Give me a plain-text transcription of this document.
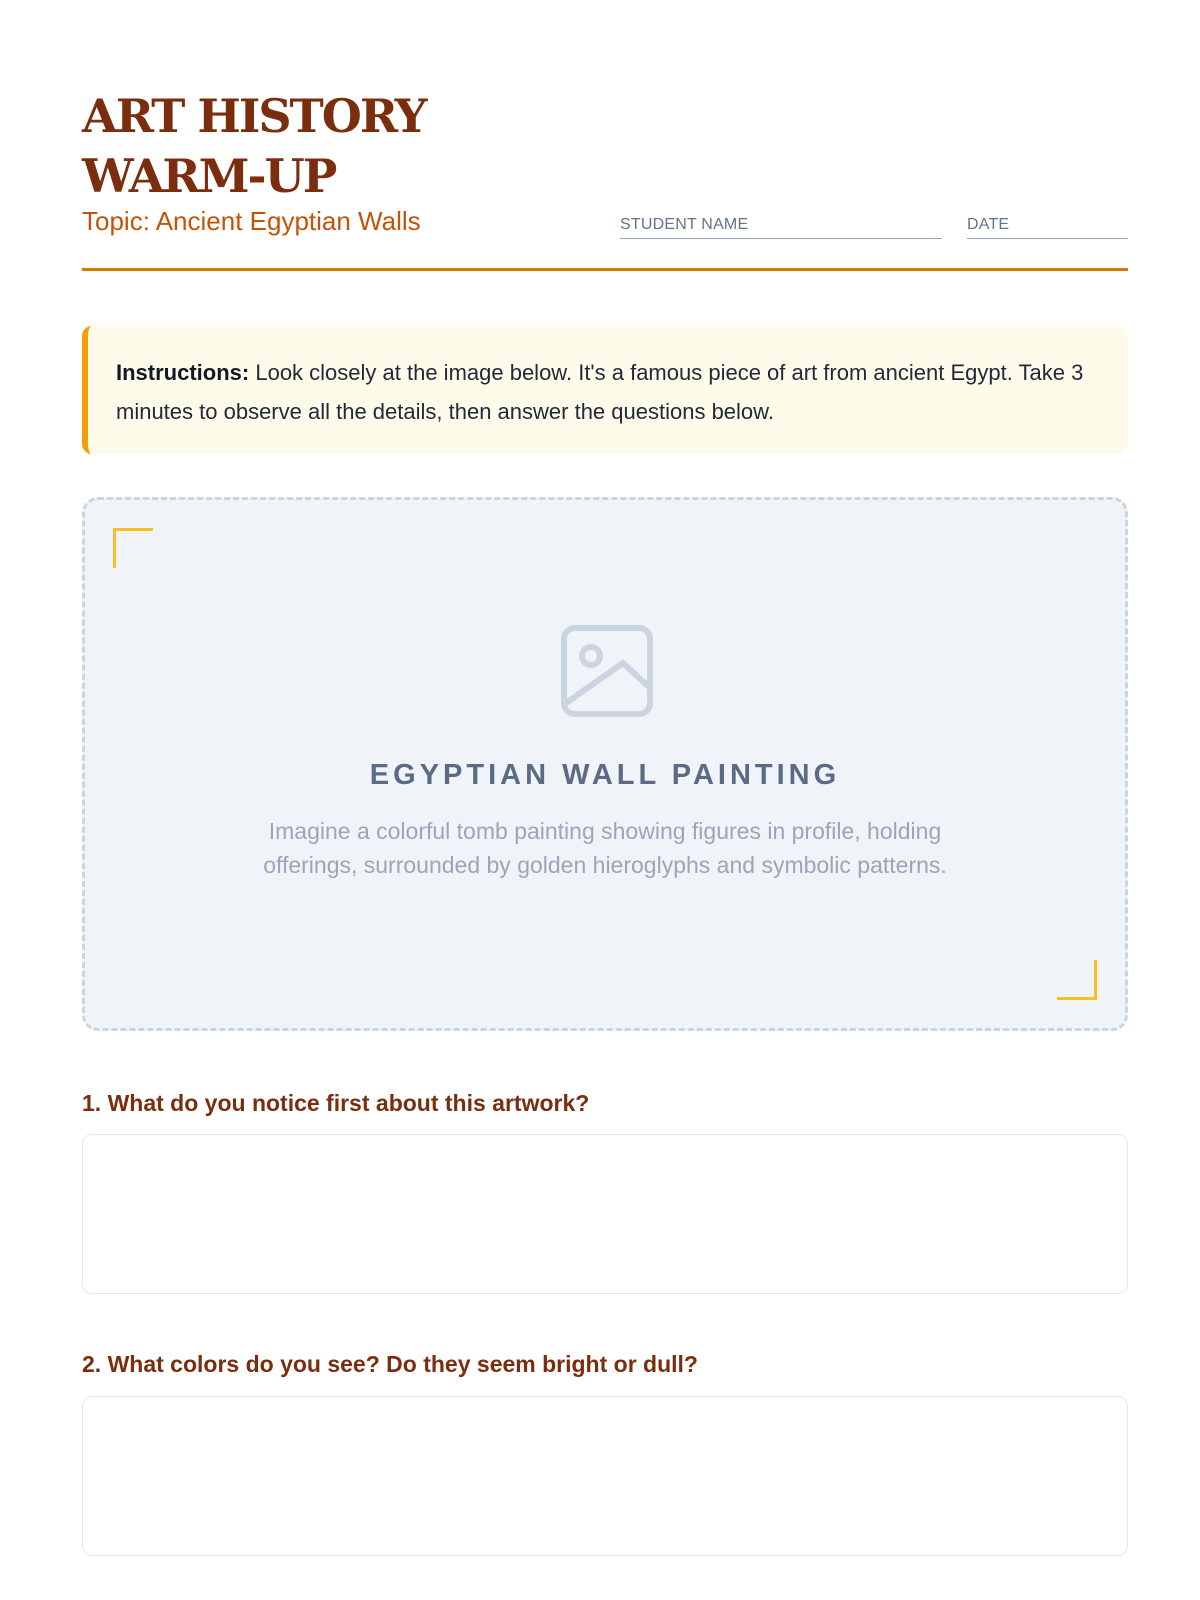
ART HISTORY WARM-UP
Topic: Ancient Egyptian Walls	STUDENT NAME	DATE
Instructions: Look closely at the image below. It's a famous piece of art from ancient Egypt. Take 3 minutes to observe all the details, then answer the questions below.
EGYPTIAN WALL PAINTING
Imagine a colorful tomb painting showing figures in profile, holding offerings, surrounded by golden hieroglyphs and symbolic patterns.
1. What do you notice first about this artwork?
2. What colors do you see? Do they seem bright or dull?
